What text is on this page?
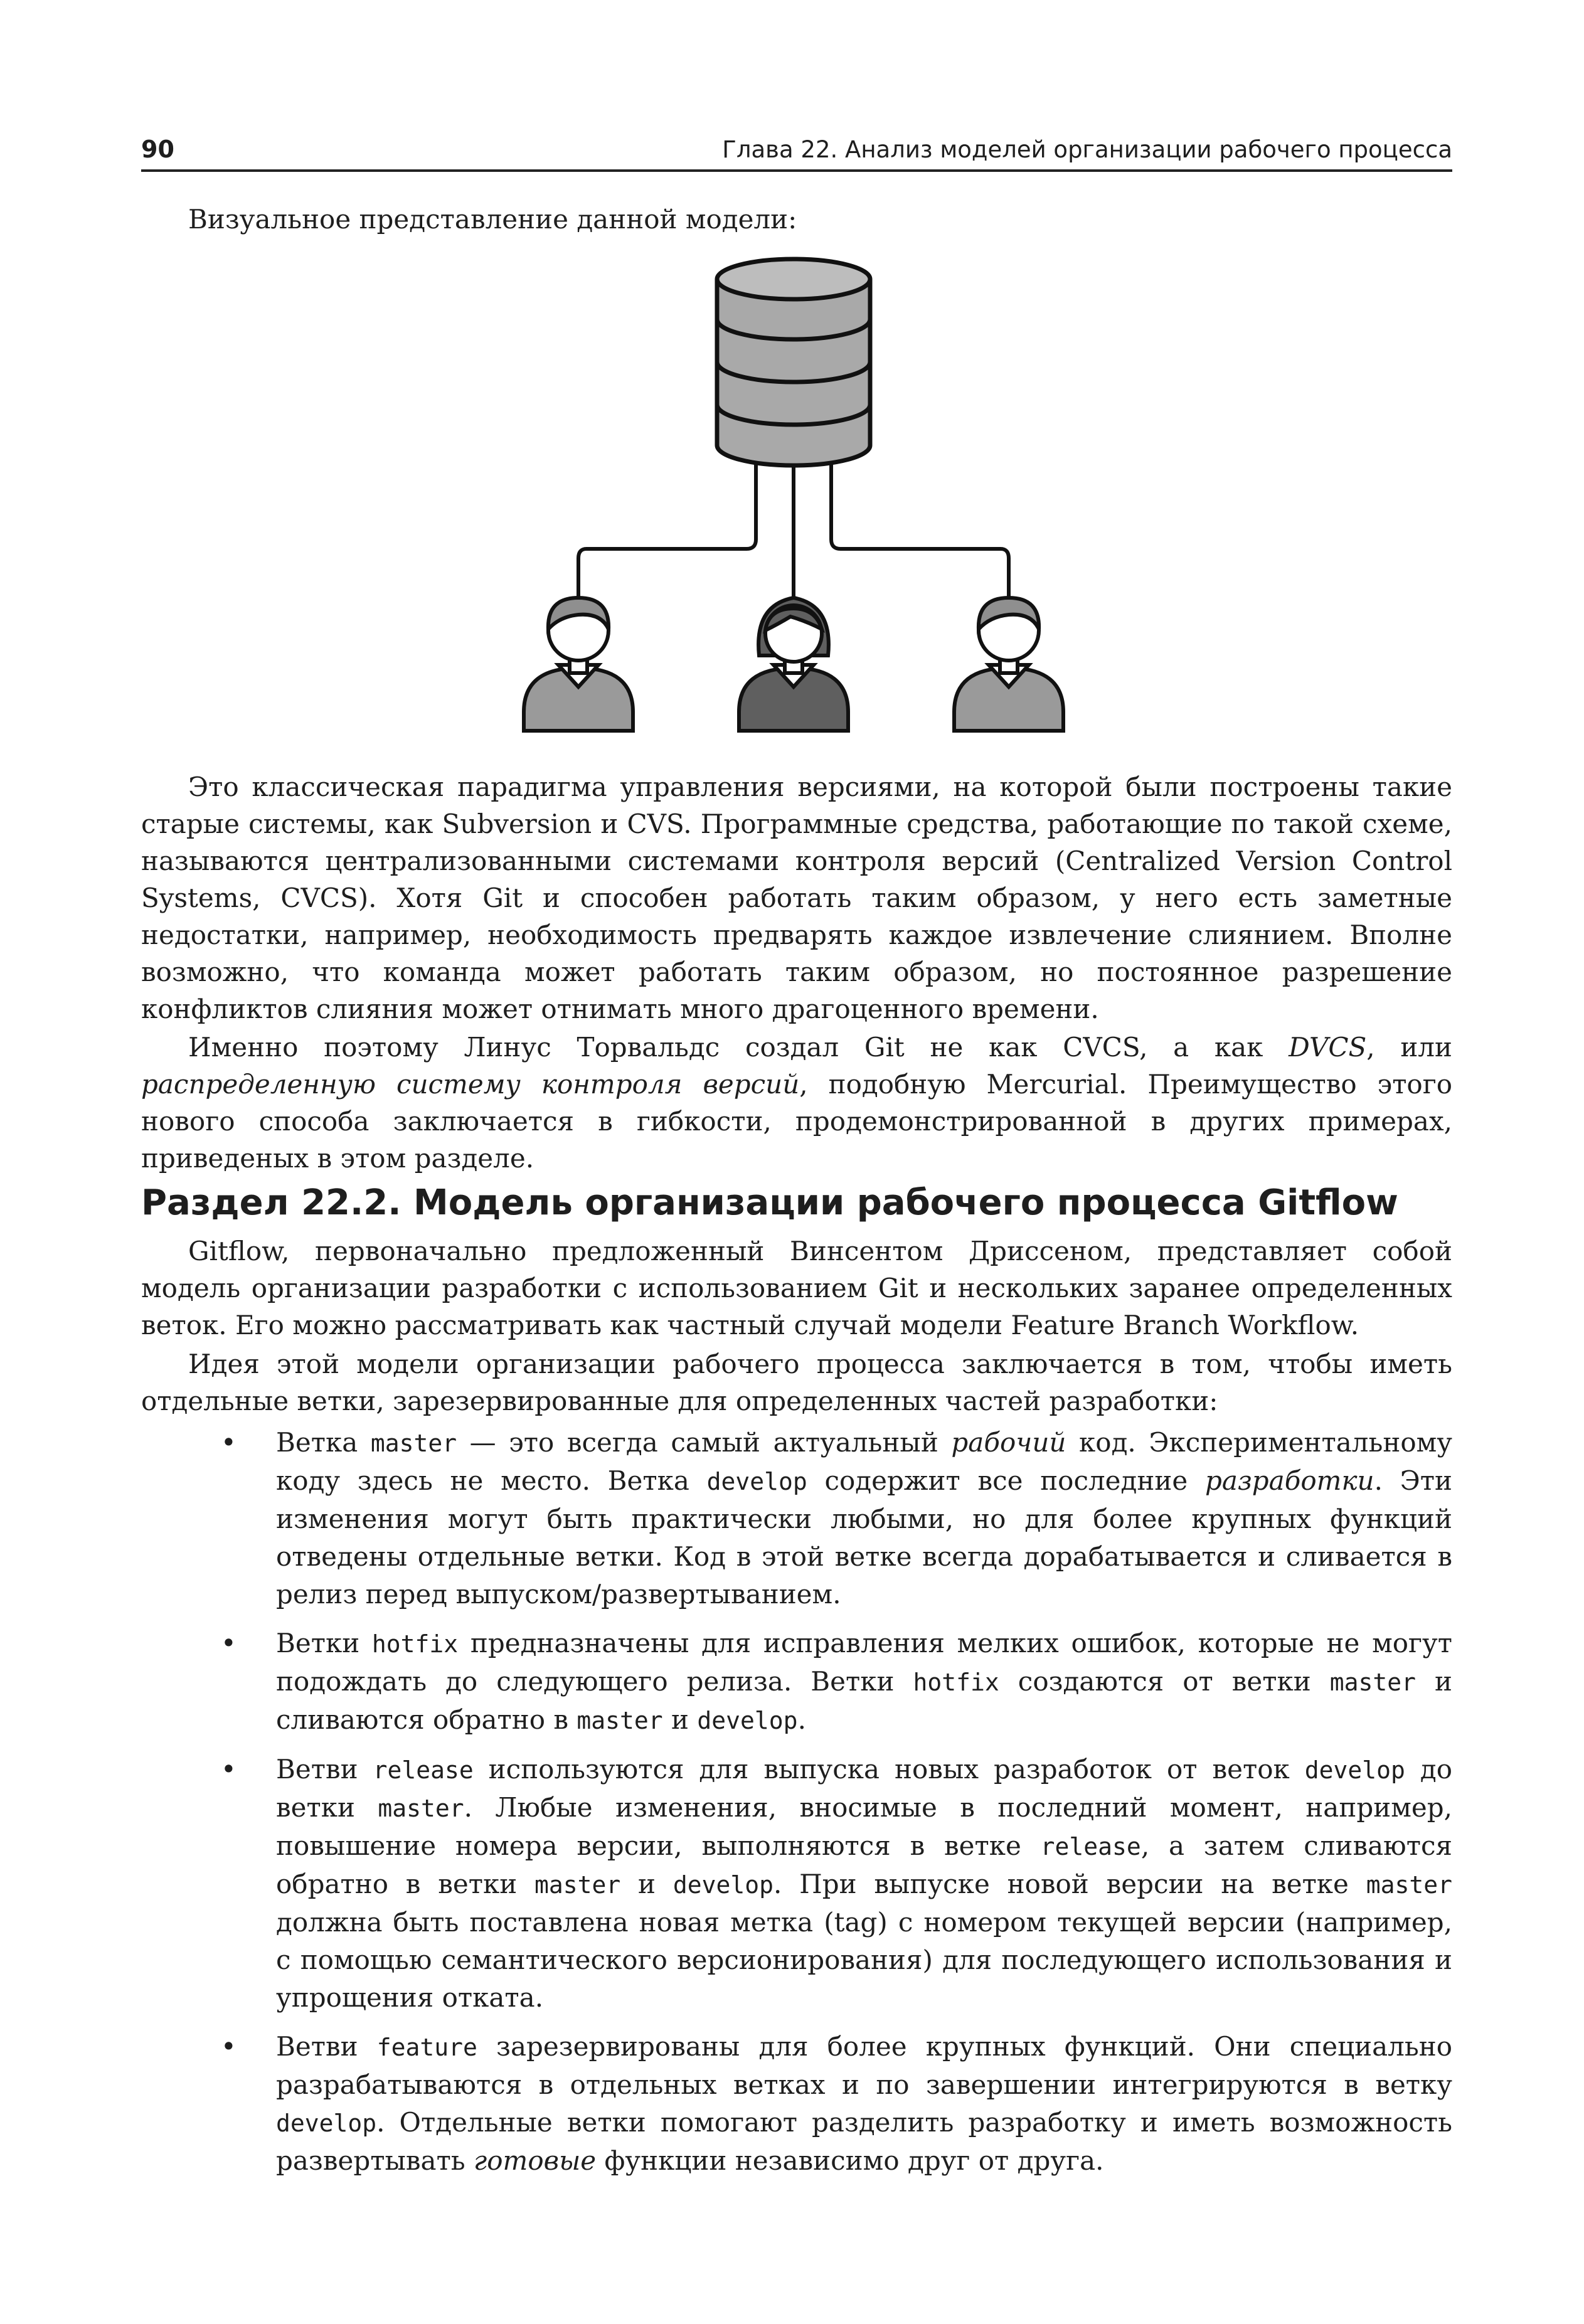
90	Глава 22. Анализ моделей организации рабочего процесса

Визуальное представление данной модели:

Это классическая парадигма управления версиями, на которой были построены такие старые системы, как Subversion и CVS. Программные средства, работающие по такой схеме, называются централизованными системами контроля версий (Centralized Version Control Systems, CVCS). Хотя Git и способен работать таким образом, у него есть заметные недостатки, например, необходимость предварять каждое извлечение слиянием. Вполне возможно, что команда может работать таким образом, но постоянное разрешение конфликтов слияния может отнимать много драгоценного времени.

Именно поэтому Линус Торвальдс создал Git не как CVCS, а как DVCS, или распределенную систему контроля версий, подобную Mercurial. Преимущество этого нового способа заключается в гибкости, продемонстрированной в других примерах, приведеных в этом разделе.

Раздел 22.2. Модель организации рабочего процесса Gitflow

Gitflow, первоначально предложенный Винсентом Дриссеном, представляет собой модель организации разработки с использованием Git и нескольких заранее определенных веток. Его можно рассматривать как частный случай модели Feature Branch Workflow.

Идея этой модели организации рабочего процесса заключается в том, чтобы иметь отдельные ветки, зарезервированные для определенных частей разработки:

• Ветка master — это всегда самый актуальный рабочий код. Экспериментальному коду здесь не место. Ветка develop содержит все последние разработки. Эти изменения могут быть практически любыми, но для более крупных функций отведены отдельные ветки. Код в этой ветке всегда дорабатывается и сливается в релиз перед выпуском/развертыванием.
• Ветки hotfix предназначены для исправления мелких ошибок, которые не могут подождать до следующего релиза. Ветки hotfix создаются от ветки master и сливаются обратно в master и develop.
• Ветви release используются для выпуска новых разработок от веток develop до ветки master. Любые изменения, вносимые в последний момент, например, повышение номера версии, выполняются в ветке release, а затем сливаются обратно в ветки master и develop. При выпуске новой версии на ветке master должна быть поставлена новая метка (tag) с номером текущей версии (например, с помощью семантического версионирования) для последующего использования и упрощения отката.
• Ветви feature зарезервированы для более крупных функций. Они специально разрабатываются в отдельных ветках и по завершении интегрируются в ветку develop. Отдельные ветки помогают разделить разработку и иметь возможность развертывать готовые функции независимо друг от друга.
